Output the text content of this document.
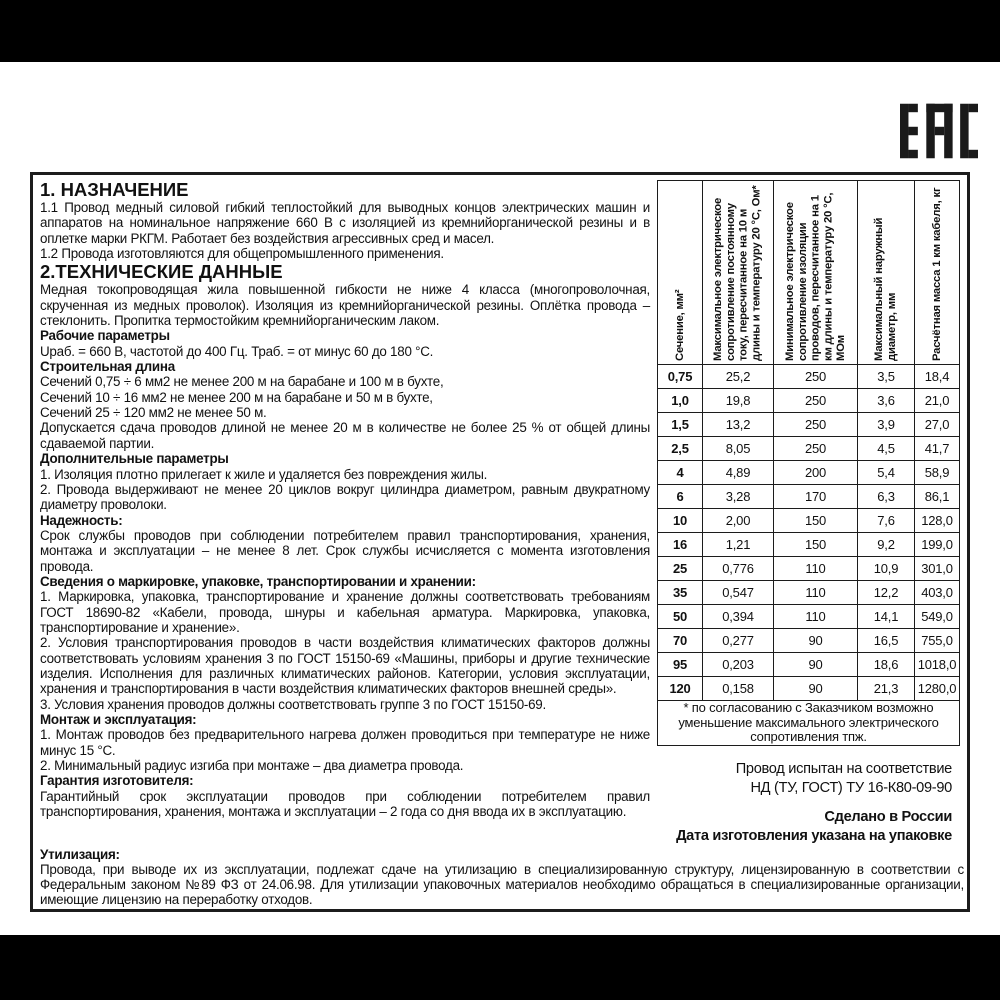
1. НАЗНАЧЕНИЕ

1.1 Провод медный силовой гибкий теплостойкий для выводных концов электрических машин и аппаратов на номинальное напряжение 660 В с изоляцией из кремнийорганической резины и в оплетке марки РКГМ. Работает без воздействия агрессивных сред и масел.

1.2 Провода изготовляются для общепромышленного применения.

2.ТЕХНИЧЕСКИЕ ДАННЫЕ

Медная токопроводящая жила повышенной гибкости не ниже 4 класса (многопроволочная, скрученная из медных проволок). Изоляция из кремнийорганической резины. Оплётка провода – стеклонить. Пропитка термостойким кремнийорганическим лаком.

Рабочие параметры

Uраб. = 660 В, частотой до 400 Гц. Траб. = от минус 60 до 180 °С.

Строительная длина

Сечений 0,75 ÷ 6 мм2 не менее 200 м на барабане и 100 м в бухте,

Сечений 10 ÷ 16 мм2 не менее 200 м на барабане и 50 м в бухте,

Сечений 25 ÷ 120 мм2 не менее 50 м.

Допускается сдача проводов длиной не менее 20 м в количестве не более 25 % от общей длины сдаваемой партии.

Дополнительные параметры

1. Изоляция плотно прилегает к жиле и удаляется без повреждения жилы.

2. Провода выдерживают не менее 20 циклов вокруг цилиндра диаметром, равным двукратному диаметру проволоки.

Надежность:

Срок службы проводов при соблюдении потребителем правил транспортирования, хранения, монтажа и эксплуатации – не менее 8 лет. Срок службы исчисляется с момента изготовления провода.

Сведения о маркировке, упаковке, транспортировании и хранении:

1. Маркировка, упаковка, транспортирование и хранение должны соответствовать требованиям ГОСТ 18690-82 «Кабели, провода, шнуры и кабельная арматура. Маркировка, упаковка, транспортирование и хранение».

2. Условия транспортирования проводов в части воздействия климатических факторов должны соответствовать условиям хранения 3 по ГОСТ 15150-69 «Машины, приборы и другие технические изделия. Исполнения для различных климатических районов. Категории, условия эксплуатации, хранения и транспортирования в части воздействия климатических факторов внешней среды».

3. Условия хранения проводов должны соответствовать группе 3 по ГОСТ 15150-69.

Монтаж и эксплуатация:

1. Монтаж проводов без предварительного нагрева должен проводиться при температуре не ниже минус 15 °С.

2. Минимальный радиус изгиба при монтаже – два диаметра провода.

Гарантия изготовителя:

Гарантийный срок эксплуатации проводов при соблюдении потребителем правил транспортирования, хранения, монтажа и эксплуатации – 2 года со дня ввода их в эксплуатацию.

Сечение, мм²	Максимальное электрическое сопротивление постоянному току, пересчитанное на 10 м длины и температуру 20 °С, Ом*	Минимальное электрическое сопротивление изоляции проводов, пересчитанное на 1 км длины и температуру 20 °С, МОм	Максимальный наружный диаметр, мм	Расчётная масса 1 км кабеля, кг

0,75	25,2	250	3,5	18,4
1,0	19,8	250	3,6	21,0
1,5	13,2	250	3,9	27,0
2,5	8,05	250	4,5	41,7
4	4,89	200	5,4	58,9
6	3,28	170	6,3	86,1
10	2,00	150	7,6	128,0
16	1,21	150	9,2	199,0
25	0,776	110	10,9	301,0
35	0,547	110	12,2	403,0
50	0,394	110	14,1	549,0
70	0,277	90	16,5	755,0
95	0,203	90	18,6	1018,0
120	0,158	90	21,3	1280,0
* по согласованию с Заказчиком возможно уменьшение максимального электрического сопротивления тпж.				
Провод испытан на соответствие
НД (ТУ, ГОСТ) ТУ 16-К80-09-90
Сделано в России
Дата изготовления указана на упаковке
Утилизация:

Провода, при выводе их из эксплуатации, подлежат сдаче на утилизацию в специализированную структуру, лицензированную в соответствии с Федеральным законом №89 ФЗ от 24.06.98. Для утилизации упаковочных материалов необходимо обращаться в специализированные организации, имеющие лицензию на переработку отходов.
